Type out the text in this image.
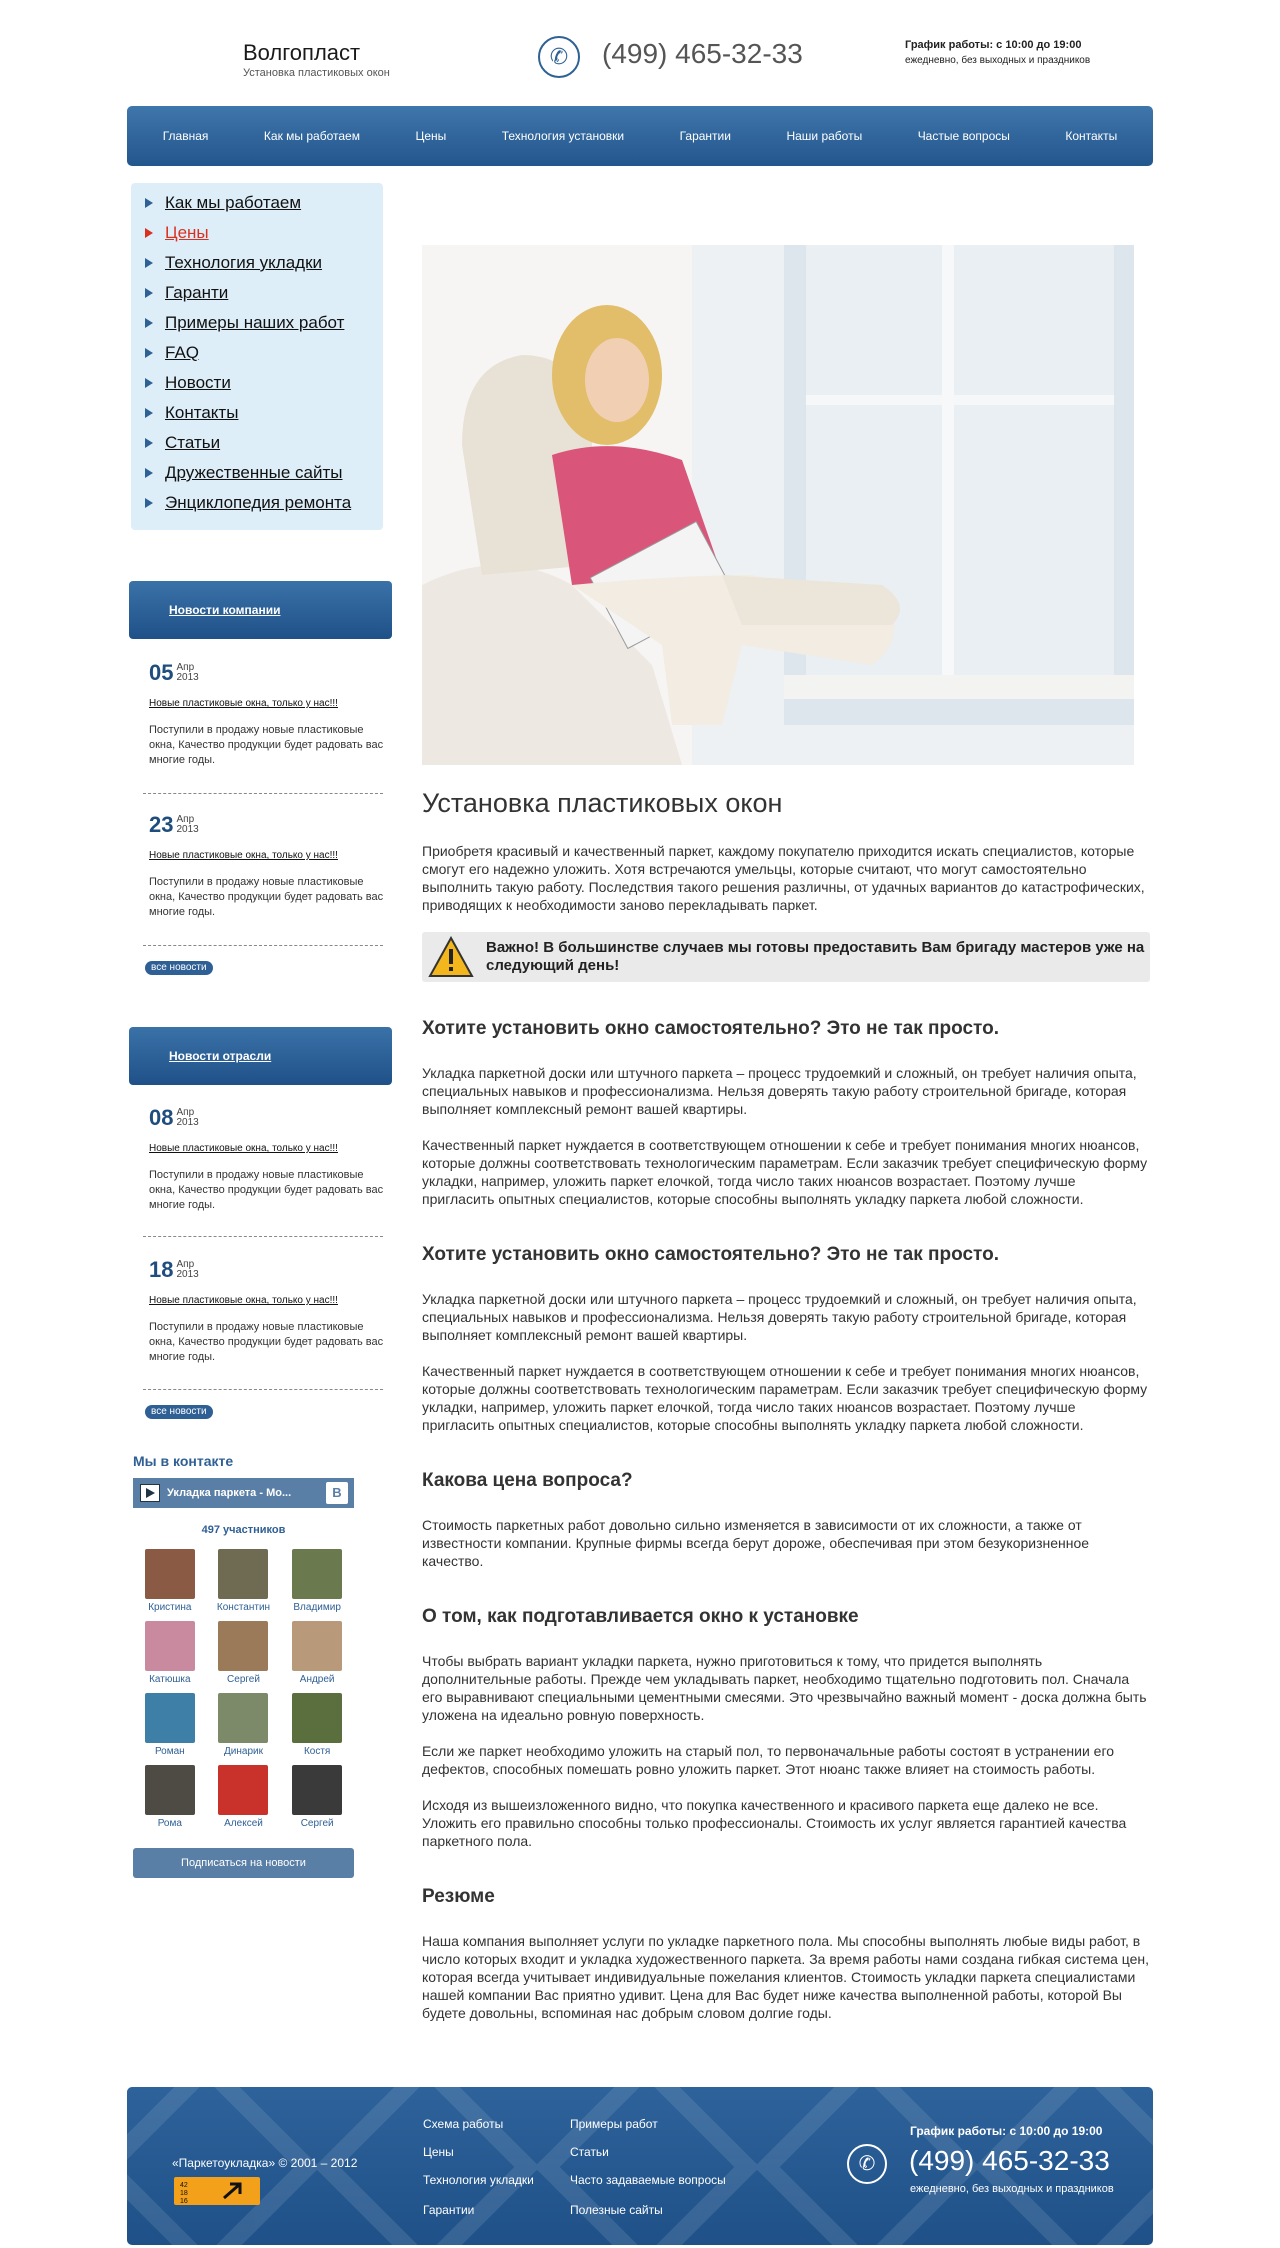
Волгопласт
Установка пластиковых окон
✆	(499) 465-32-33	График работы: с 10:00 до 19:00
ежедневно, без выходных и праздников
Главная	Как мы работаем	Цены	Технология установки	Гарантии	Наши работы	Частые вопросы	Контакты
Как мы работаем
Цены
Технология укладки
Гаранти
Примеры наших работ
FAQ
Новости
Контакты
Статьи
Дружественные сайты
Энциклопедия ремонта
Новости компании
05 Апр
2013
Новые пластиковые окна, только у нас!!!
Поступили в продажу новые пластиковые окна, Качество продукции будет радовать вас многие годы.
23 Апр
2013
Новые пластиковые окна, только у нас!!!
Поступили в продажу новые пластиковые окна, Качество продукции будет радовать вас многие годы.
все новости
Новости отрасли
08 Апр
2013
Новые пластиковые окна, только у нас!!!
Поступили в продажу новые пластиковые окна, Качество продукции будет радовать вас многие годы.
18 Апр
2013
Новые пластиковые окна, только у нас!!!
Поступили в продажу новые пластиковые окна, Качество продукции будет радовать вас многие годы.
все новости
Мы в контакте
Укладка паркета - Мо...	В
497 участников
Кристина	Константин	Владимир
Катюшка	Сергей	Андрей
Роман	Динарик	Костя
Рома	Алексей	Сергей
Подписаться на новости
Установка пластиковых окон

Приобретя красивый и качественный паркет, каждому покупателю приходится искать специалистов, которые смогут его надежно уложить. Хотя встречаются умельцы, которые считают, что могут самостоятельно выполнить такую работу. Последствия такого решения различны, от удачных вариантов до катастрофических, приводящих к необходимости заново перекладывать паркет.

Важно! В большинстве случаев мы готовы предоставить Вам бригаду мастеров уже на следующий день!
Хотите установить окно самостоятельно? Это не так просто.

Укладка паркетной доски или штучного паркета – процесс трудоемкий и сложный, он требует наличия опыта, специальных навыков и профессионализма. Нельзя доверять такую работу строительной бригаде, которая выполняет комплексный ремонт вашей квартиры.

Качественный паркет нуждается в соответствующем отношении к себе и требует понимания многих нюансов, которые должны соответствовать технологическим параметрам. Если заказчик требует специфическую форму укладки, например, уложить паркет елочкой, тогда число таких нюансов возрастает. Поэтому лучше пригласить опытных специалистов, которые способны выполнять укладку паркета любой сложности.

Хотите установить окно самостоятельно? Это не так просто.

Укладка паркетной доски или штучного паркета – процесс трудоемкий и сложный, он требует наличия опыта, специальных навыков и профессионализма. Нельзя доверять такую работу строительной бригаде, которая выполняет комплексный ремонт вашей квартиры.

Качественный паркет нуждается в соответствующем отношении к себе и требует понимания многих нюансов, которые должны соответствовать технологическим параметрам. Если заказчик требует специфическую форму укладки, например, уложить паркет елочкой, тогда число таких нюансов возрастает. Поэтому лучше пригласить опытных специалистов, которые способны выполнять укладку паркета любой сложности.

Какова цена вопроса?

Стоимость паркетных работ довольно сильно изменяется в зависимости от их сложности, а также от известности компании. Крупные фирмы всегда берут дороже, обеспечивая при этом безукоризненное качество.

О том, как подготавливается окно к установке

Чтобы выбрать вариант укладки паркета, нужно приготовиться к тому, что придется выполнять дополнительные работы. Прежде чем укладывать паркет, необходимо тщательно подготовить пол. Сначала его выравнивают специальными цементными смесями. Это чрезвычайно важный момент - доска должна быть уложена на идеально ровную поверхность.

Если же паркет необходимо уложить на старый пол, то первоначальные работы состоят в устранении его дефектов, способных помешать ровно уложить паркет. Этот нюанс также влияет на стоимость работы.

Исходя из вышеизложенного видно, что покупка качественного и красивого паркета еще далеко не все. Уложить его правильно способны только профессионалы. Стоимость их услуг является гарантией качества паркетного пола.

Резюме

Наша компания выполняет услуги по укладке паркетного пола. Мы способны выполнять любые виды работ, в число которых входит и укладка художественного паркета. За время работы нами создана гибкая система цен, которая всегда учитывает индивидуальные пожелания клиентов. Стоимость укладки паркета специалистами нашей компании Вас приятно удивит. Цена для Вас будет ниже качества выполненной работы, которой Вы будете довольны, вспоминая нас добрым словом долгие годы.

«Паркетоукладка» © 2001 – 2012
42
18
16
Схема работы
Цены
Технология укладки
Гарантии
Примеры работ
Статьи
Часто задаваемые вопросы
Полезные сайты
График работы: с 10:00 до 19:00
✆	(499) 465-32-33
ежедневно, без выходных и праздников
